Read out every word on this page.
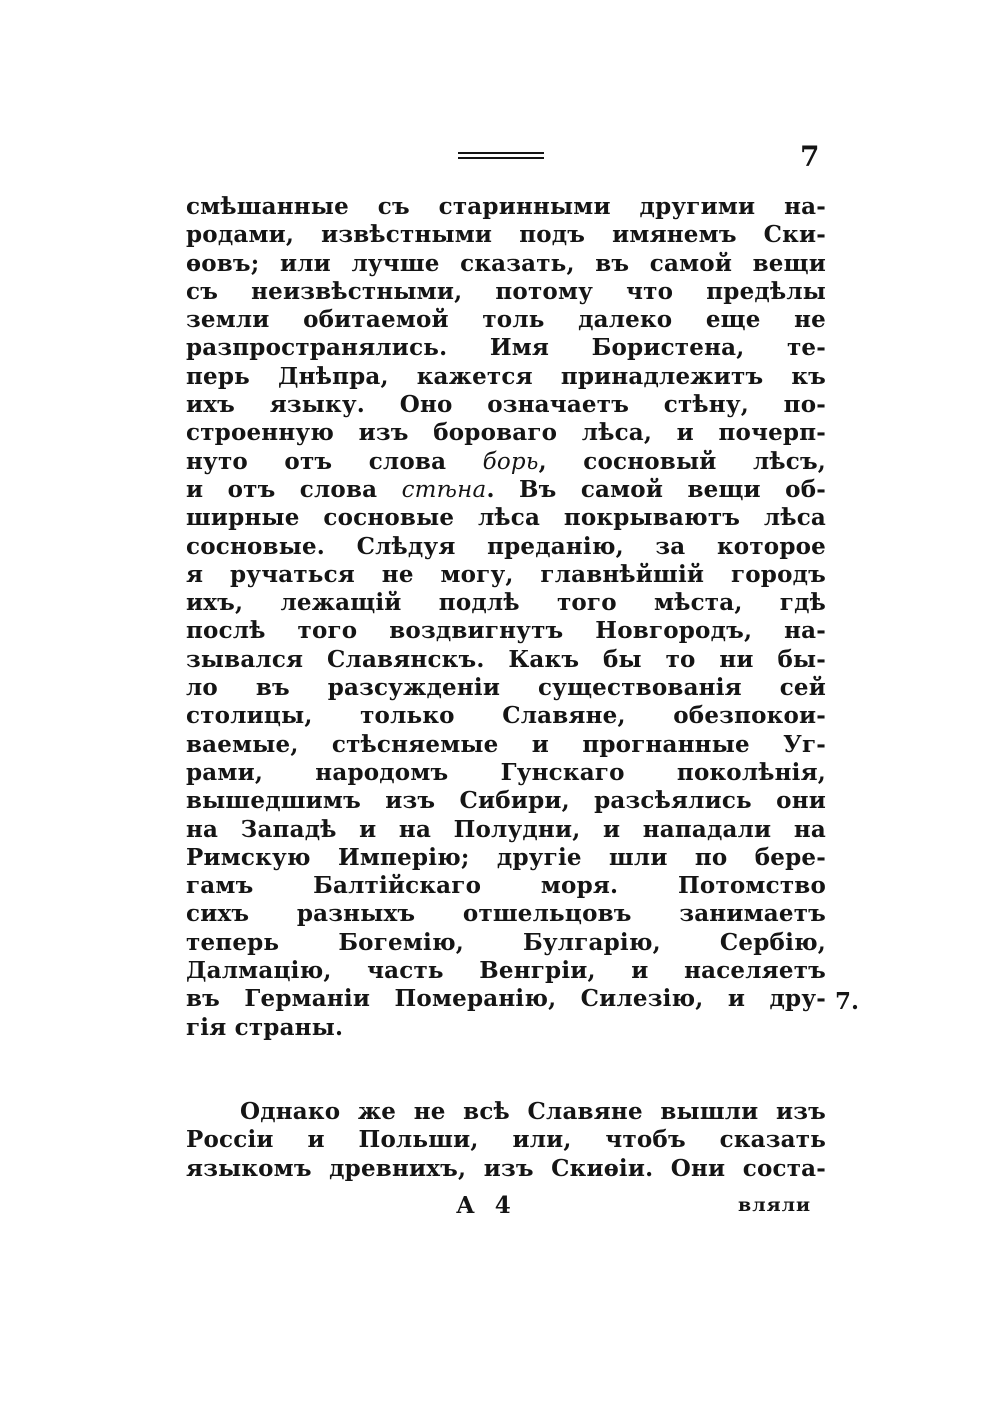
7
смѣшанные съ старинными другими на-
родами, извѣстными подъ имянемъ Ски-
ѳовъ; или лучше сказать, въ самой вещи
съ неизвѣстными, потому что предѣлы
земли обитаемой толь далеко еще не
разпространялись. Имя Бористена, те-
перь Днѣпра, кажется принадлежитъ къ
ихъ языку. Оно означаетъ стѣну, по-
строенную изъ бороваго лѣса, и почерп-
нуто отъ слова борь, сосновый лѣсъ,
и отъ слова стѣна. Въ самой вещи об-
ширные сосновые лѣса покрываютъ лѣса
сосновые. Слѣдуя преданію, за которое
я ручаться не могу, главнѣйшій городъ
ихъ, лежащій подлѣ того мѣста, гдѣ
послѣ того воздвигнутъ Новгородъ, на-
зывался Славянскъ. Какъ бы то ни бы-
ло въ разсужденіи существованія сей
столицы, только Славяне, обезпокои-
ваемые, стѣсняемые и прогнанные Уг-
рами, народомъ Гунскаго поколѣнія,
вышедшимъ изъ Сибири, разсѣялись они
на Западѣ и на Полудни, и нападали на
Римскую Имперію; другіе шли по бере-
гамъ Балтійскаго моря. Потомство
сихъ разныхъ отшельцовъ занимаетъ
теперь Богемію, Булгарію, Сербію,
Далмацію, часть Венгріи, и населяетъ
въ Германіи Померанію, Силезію, и дру-
гія страны.
7.
Однако же не всѣ Славяне вышли изъ
Россіи и Польши, или, чтобъ сказать
языкомъ древнихъ, изъ Скиѳіи. Они соста-
А 4	вляли
